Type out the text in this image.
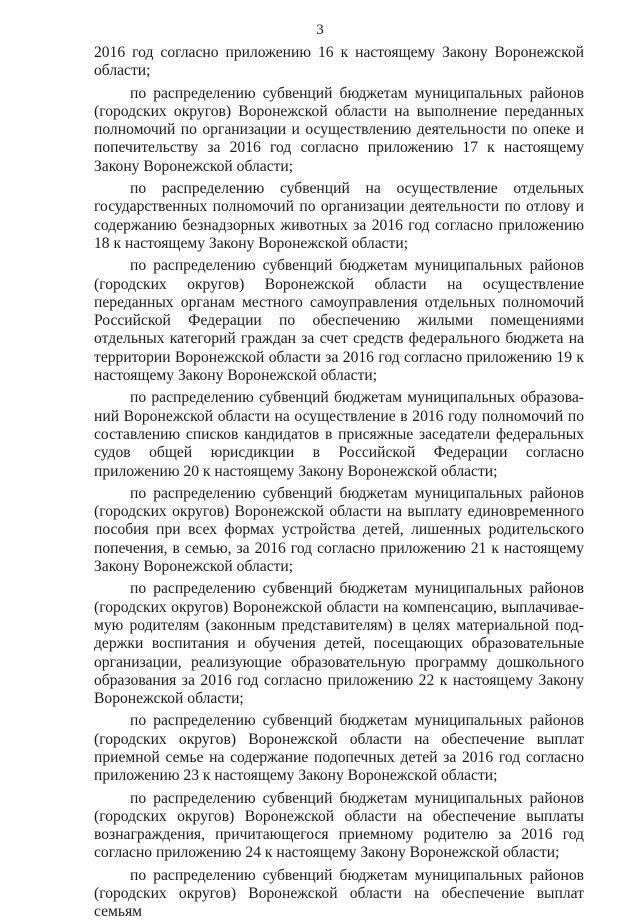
3

2016 год согласно приложению 16 к настоящему Закону Воронежской области;

по распределению субвенций бюджетам муниципальных районов (городских округов) Воронежской области на выполнение переданных полномочий по организации и осуществлению деятельности по опеке и попечительству за 2016 год согласно приложению 17 к настоящему Закону Воронежской области;

по распределению субвенций на осуществление отдельных государственных полномочий по организации деятельности по отлову и содержанию безнадзорных животных за 2016 год согласно приложению 18 к настоящему Закону Воронежской области;

по распределению субвенций бюджетам муниципальных районов (городских округов) Воронежской области на осуществление переданных органам местного самоуправления отдельных полномочий Российской Федерации по обеспечению жилыми помещениями отдельных категорий граждан за счет средств федерального бюджета на территории Воронежской области за 2016 год согласно приложению 19 к настоящему Закону Воронежской области;

по распределению субвенций бюджетам муниципальных образований Воронежской области на осуществление в 2016 году полномочий по составлению списков кандидатов в присяжные заседатели федеральных судов общей юрисдикции в Российской Федерации согласно приложению 20 к настоящему Закону Воронежской области;

по распределению субвенций бюджетам муниципальных районов (городских округов) Воронежской области на выплату единовременного пособия при всех формах устройства детей, лишенных родительского попечения, в семью, за 2016 год согласно приложению 21 к настоящему Закону Воронежской области;

по распределению субвенций бюджетам муниципальных районов (городских округов) Воронежской области на компенсацию, выплачиваемую родителям (законным представителям) в целях материальной поддержки воспитания и обучения детей, посещающих образовательные организации, реализующие образовательную программу дошкольного образования за 2016 год согласно приложению 22 к настоящему Закону Воронежской области;

по распределению субвенций бюджетам муниципальных районов (городских округов) Воронежской области на обеспечение выплат приемной семье на содержание подопечных детей за 2016 год согласно приложению 23 к настоящему Закону Воронежской области;

по распределению субвенций бюджетам муниципальных районов (городских округов) Воронежской области на обеспечение выплаты вознаграждения, причитающегося приемному родителю за 2016 год согласно приложению 24 к настоящему Закону Воронежской области;

по распределению субвенций бюджетам муниципальных районов (городских округов) Воронежской области на обеспечение выплат семьям
